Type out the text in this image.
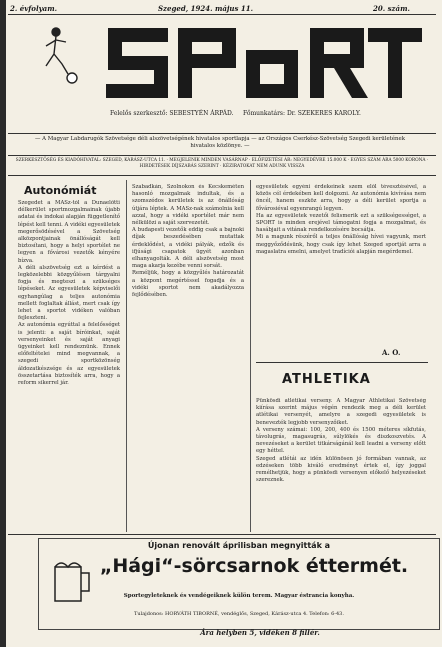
2. évfolyam.	Szeged, 1924. május 11.	20. szám.
Felelős szerkesztő: SEBESTYÉN ÁRPÁD. Főmunkatárs: Dr. SZEKERES KAROLY.
— A Magyar Labdarugók Szövetsége déli alszövetségének hivatalos sportlapja — az Országos Cserkész-Szövetség Szegedi kerületének hivatalos közlönye. —
SZERKESZTŐSÉG ÉS KIADÓHIVATAL: SZEGED, KÁRÁSZ-UTCA 11. · MEGJELENIK MINDEN VASÁRNAP · ELŐFIZETÉSI ÁR: NEGYEDÉVRE 15.000 K · EGYES SZÁM ÁRA 5000 KORONA · HIRDETÉSEK DÍJSZABÁS SZERINT · KÉZIRATOKAT NEM ADUNK VISSZA
Autonómiát

Szegedet a MASz-tól a Dunaelőtti délkerület sportmozgalmainak újabb adatai és indokai alapján függetlenítő lépést kell tenni. A vidéki egyesületek megerősödésével a Szövetség alközpontjainak önállóságát kell biztosítani, hogy a helyi sportélet ne legyen a fővárosi vezetők kényére bízva.

A déli alszövetség ezt a kérdést a legközelebbi közgyűlésen tárgyalni fogja és megteszi a szükséges lépéseket. Az egyesületek képviselői egyhangúlag a teljes autonómia mellett foglaltak állást, mert csak így lehet a sportot vidéken valóban fejleszteni.

Az autonómia egyúttal a felelősséget is jelenti: a saját bíróinkat, saját versenyeinket és saját anyagi ügyeinket kell rendeznünk. Ennek előfeltételei mind megvannak, a szegedi sportközönség áldozatkészsége és az egyesületek összetartása biztosíték arra, hogy a reform sikerrel jár.

Szabadkán, Szolnokon és Kecskeméten hasonló mozgalmak indultak, és a szomszédos kerületek is az önállóság útjára léptek. A MASz-nak számolnia kell azzal, hogy a vidéki sportélet már nem nélkülözi a saját szervezetét.

A budapesti vezetők eddig csak a bajnoki díjak beszedésében mutattak érdeklődést, a vidéki pályák, edzők és ifjúsági csapatok ügyét azonban elhanyagolták. A déli alszövetség most maga akarja kezébe venni sorsát.

Reméljük, hogy a közgyűlés határozatát a központ megértéssel fogadja és a vidéki sportot nem akadályozza fejlődésében.

egyesületek egyéni érdekeinek szem elől tévesztésével, a közös cél érdekében kell dolgozni. Az autonómia kivívása nem öncél, hanem eszköz arra, hogy a déli kerület sportja a fővárosiéval egyenrangú legyen.

Ha az egyesületek vezetői felismerik ezt a szükségességet, a SPORT is minden erejével támogatni fogja a mozgalmat, és hasábjait a vitának rendelkezésére bocsátja.

Mi a magunk részéről a teljes önállóság hívei vagyunk, mert meggyőződésünk, hogy csak így lehet Szeged sportját arra a magaslatra emelni, amelyet tradíciói alapján megérdemel.

A. O.
ATHLETIKA

Pünkösdi atlétikai verseny. A Magyar Athletikai Szövetség kiírása szerint május végén rendezik meg a déli kerület atlétikai versenyét, amelyre a szegedi egyesületek is benevezték legjobb versenyzőiket.

A verseny számai: 100, 200, 400 és 1500 méteres síkfutás, távolugrás, magasugrás, súlylökés és diszkoszvetés. A nevezéseket a kerület titkárságánál kell leadni a verseny előtt egy héttel.

Szeged atlétái az idén különösen jó formában vannak, az edzéseken több kiváló eredményt értek el, így joggal remélhetjük, hogy a pünkösdi versenyen előkelő helyezéseket szereznek.

Újonan renovált áprilisban megnyitták a
„Hági“-sörcsarnok éttermét.
Sportegyleteknek és vendégeiknek külön terem. Magyar éstrancia konyha.
Tulajdonos: HORVÁTH TIBORNÉ, vendéglős, Szeged, Kárász-utca 4. Telefon: 6-43.
Ára helyben 5, vidéken 8 fillér.
